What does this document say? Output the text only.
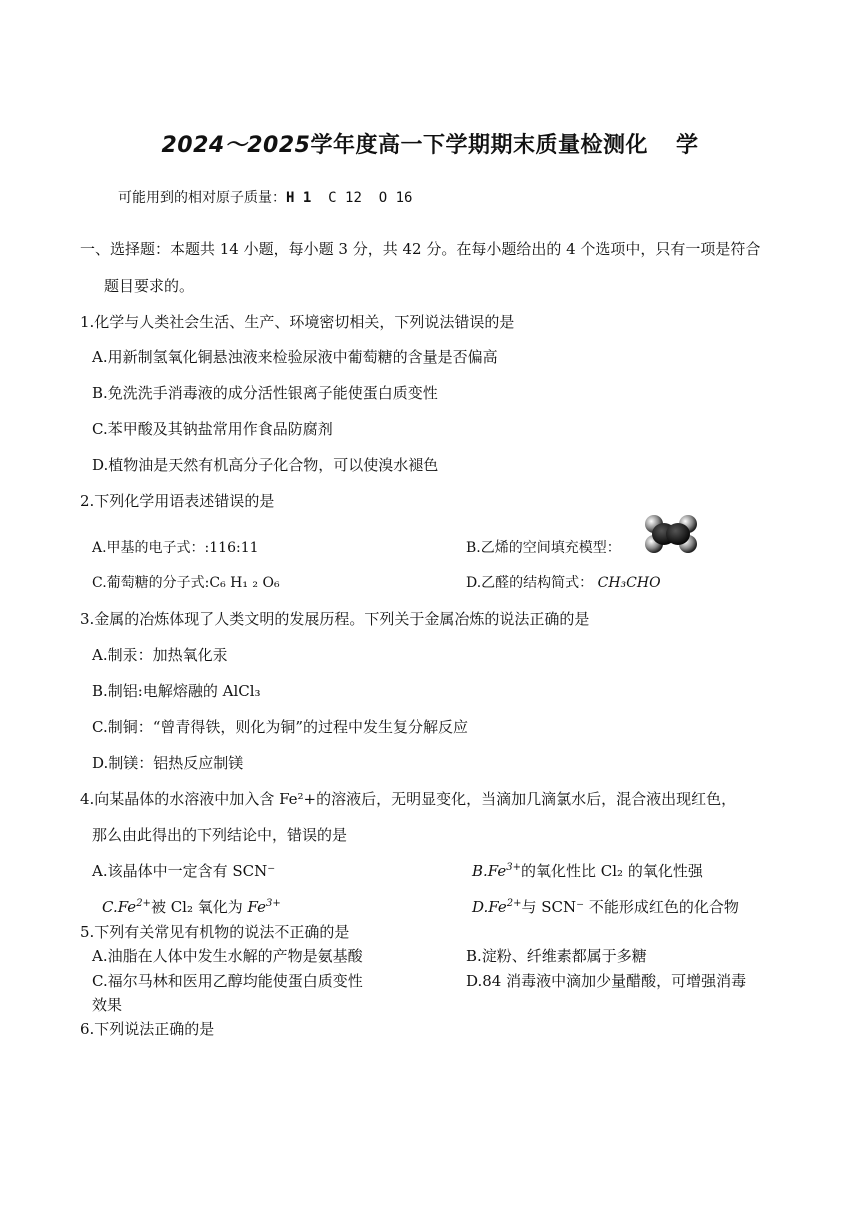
2024～2025学年度高一下学期期末质量检测化 学
可能用到的相对原子质量：H 1 C 12 O 16
一、选择题：本题共 14 小题，每小题 3 分，共 42 分。在每小题给出的 4 个选项中，只有一项是符合
题目要求的。
1.化学与人类社会生活、生产、环境密切相关，下列说法错误的是
A.用新制氢氧化铜悬浊液来检验尿液中葡萄糖的含量是否偏高
B.免洗洗手消毒液的成分活性银离子能使蛋白质变性
C.苯甲酸及其钠盐常用作食品防腐剂
D.植物油是天然有机高分子化合物，可以使溴水褪色
2.下列化学用语表述错误的是
A.甲基的电子式：:116:11	B.乙烯的空间填充模型：
C.葡萄糖的分子式:C₆ H₁ ₂ O₆	D.乙醛的结构简式： CH₃CHO
3.金属的冶炼体现了人类文明的发展历程。下列关于金属冶炼的说法正确的是
A.制汞：加热氧化汞
B.制铝:电解熔融的 AlCl₃
C.制铜：“曾青得铁，则化为铜”的过程中发生复分解反应
D.制镁：铝热反应制镁
4.向某晶体的水溶液中加入含 Fe²+的溶液后，无明显变化，当滴加几滴氯水后，混合液出现红色，
那么由此得出的下列结论中，错误的是
A.该晶体中一定含有 SCN⁻	$B.Fe^{3+}$的氧化性比 Cl₂ 的氧化性强
$C.Fe^{2+}$被 Cl₂ 氧化为 $Fe^{3+}$	$D.Fe^{2+}$与 SCN⁻ 不能形成红色的化合物
5.下列有关常见有机物的说法不正确的是
A.油脂在人体中发生水解的产物是氨基酸	B.淀粉、纤维素都属于多糖
C.福尔马林和医用乙醇均能使蛋白质变性	D.84 消毒液中滴加少量醋酸，可增强消毒
效果
6.下列说法正确的是
